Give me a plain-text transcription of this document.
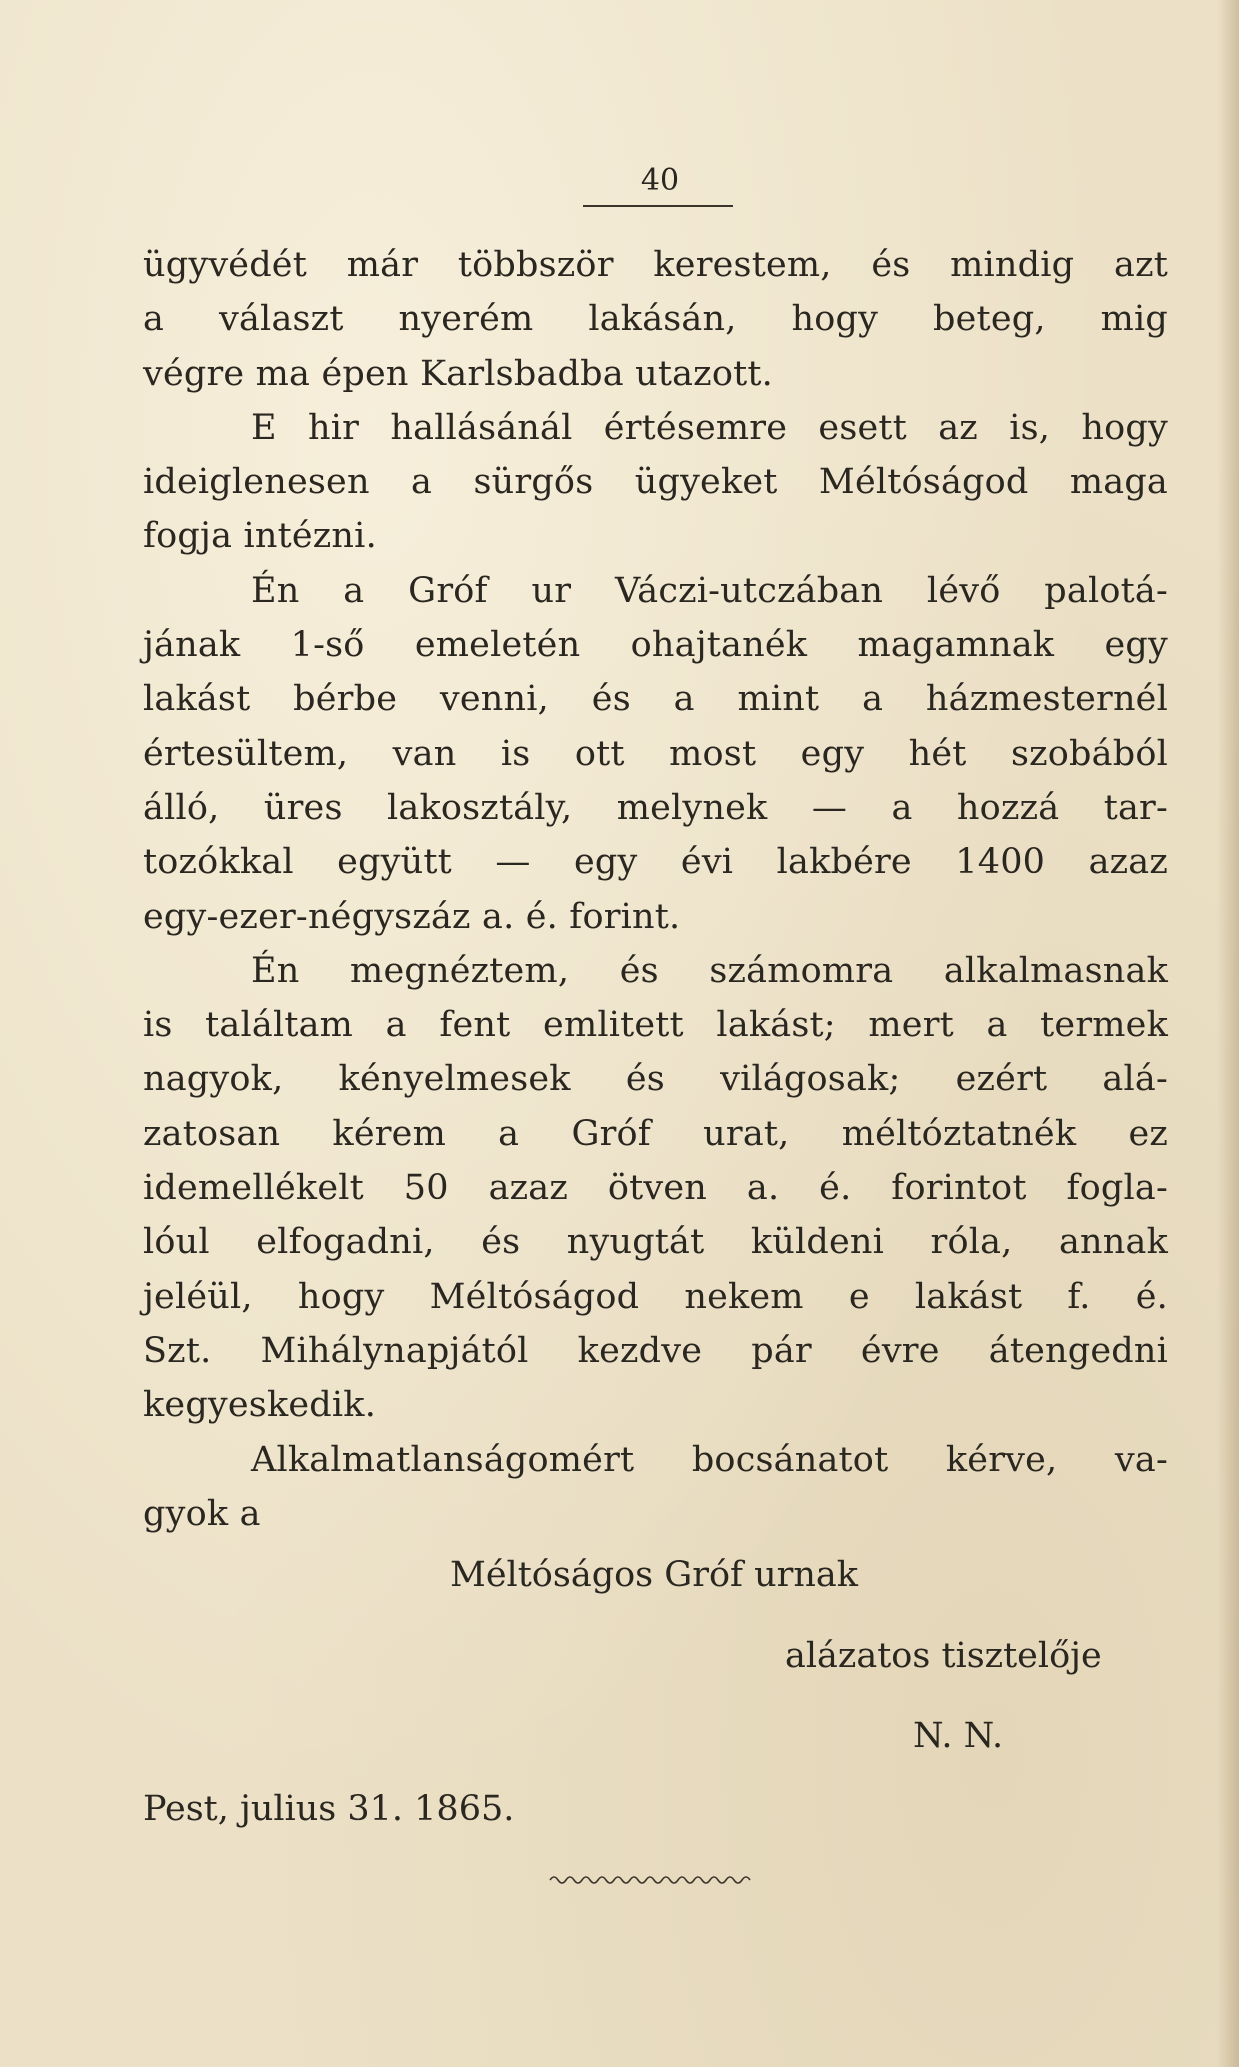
40
ügyvédét már többször kerestem, és mindig azt
a választ nyerém lakásán, hogy beteg, mig
végre ma épen Karlsbadba utazott.
E hir hallásánál értésemre esett az is, hogy
ideiglenesen a sürgős ügyeket Méltóságod maga
fogja intézni.
Én a Gróf ur Váczi-utczában lévő palotá-
jának 1-ső emeletén ohajtanék magamnak egy
lakást bérbe venni, és a mint a házmesternél
értesültem, van is ott most egy hét szobából
álló, üres lakosztály, melynek — a hozzá tar-
tozókkal együtt — egy évi lakbére 1400 azaz
egy-ezer-négyszáz a. é. forint.
Én megnéztem, és számomra alkalmasnak
is találtam a fent emlitett lakást; mert a termek
nagyok, kényelmesek és világosak; ezért alá-
zatosan kérem a Gróf urat, méltóztatnék ez
idemellékelt 50 azaz ötven a. é. forintot fogla-
lóul elfogadni, és nyugtát küldeni róla, annak
jeléül, hogy Méltóságod nekem e lakást f. é.
Szt. Mihálynapjától kezdve pár évre átengedni
kegyeskedik.
Alkalmatlanságomért bocsánatot kérve, va-
gyok a
Méltóságos Gróf urnak
alázatos tisztelője
N. N.
Pest, julius 31. 1865.
